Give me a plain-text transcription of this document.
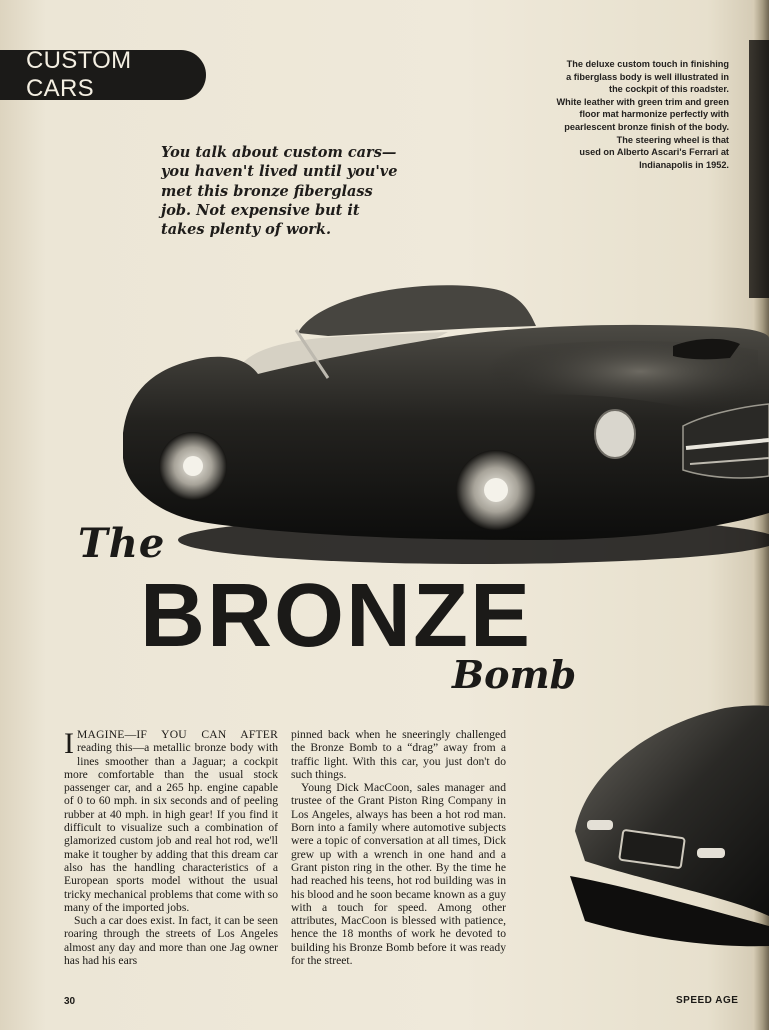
CUSTOM CARS
The deluxe custom touch in finishing
a fiberglass body is well illustrated in
the cockpit of this roadster.
White leather with green trim and green
floor mat harmonize perfectly with
pearlescent bronze finish of the body.
The steering wheel is that
used on Alberto Ascari's Ferrari at
Indianapolis in 1952.
You talk about custom cars—
you haven't lived until you've
met this bronze fiberglass
job. Not expensive but it
takes plenty of work.
The
BRONZE
Bomb

IMAGINE—IF YOU CAN AFTER reading this—a metallic bronze body with lines smoother than a Jaguar; a cockpit more comfortable than the usual stock passenger car, and a 265 hp. engine capable of 0 to 60 mph. in six seconds and of peeling rubber at 40 mph. in high gear! If you find it difficult to visualize such a combination of glamorized custom job and real hot rod, we'll make it tougher by adding that this dream car also has the handling characteristics of a European sports model without the usual tricky mechanical problems that come with so many of the imported jobs.

Such a car does exist. In fact, it can be seen roaring through the streets of Los Angeles almost any day and more than one Jag owner has had his ears

pinned back when he sneeringly challenged the Bronze Bomb to a “drag” away from a traffic light. With this car, you just don't do such things.

Young Dick MacCoon, sales manager and trustee of the Grant Piston Ring Company in Los Angeles, always has been a hot rod man. Born into a family where automotive subjects were a topic of conversation at all times, Dick grew up with a wrench in one hand and a Grant piston ring in the other. By the time he had reached his teens, hot rod building was in his blood and he soon became known as a guy with a touch for speed. Among other attributes, MacCoon is blessed with patience, hence the 18 months of work he devoted to building his Bronze Bomb before it was ready for the street.

30	SPEED AGE
